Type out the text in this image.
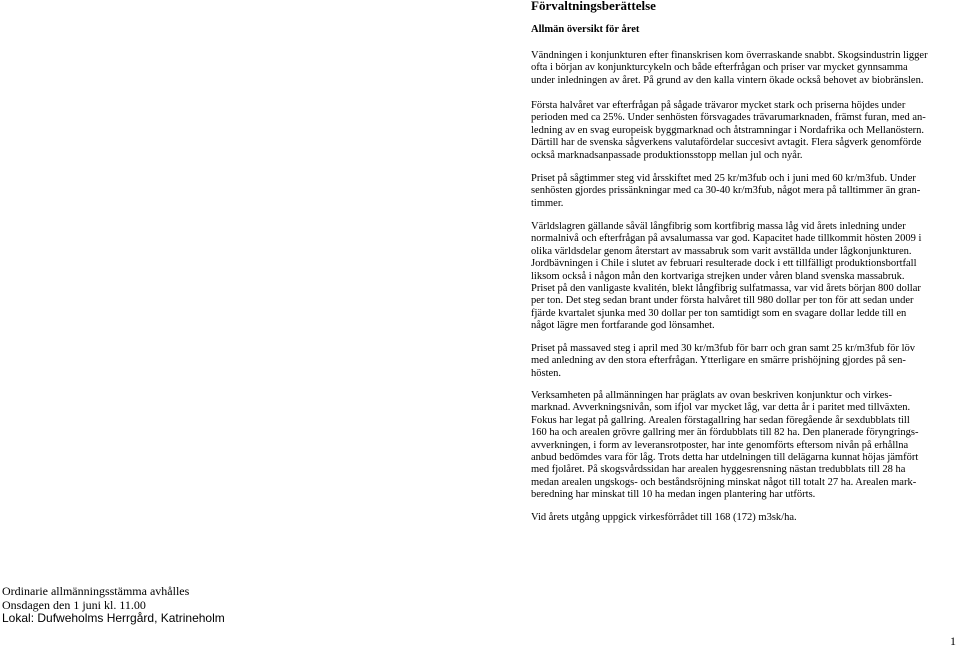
Förvaltningsberättelse
Allmän översikt för året
Vändningen i konjunkturen efter finanskrisen kom överraskande snabbt. Skogsindustrin ligger
ofta i början av konjunkturcykeln och både efterfrågan och priser var mycket gynnsamma
under inledningen av året. På grund av den kalla vintern ökade också behovet av biobränslen.
Första halvåret var efterfrågan på sågade trävaror mycket stark och priserna höjdes under
perioden med ca 25%. Under senhösten försvagades trävarumarknaden, främst furan, med an-
ledning av en svag europeisk byggmarknad och åtstramningar i Nordafrika och Mellanöstern.
Därtill har de svenska sågverkens valutafördelar succesivt avtagit. Flera sågverk genomförde
också marknadsanpassade produktionsstopp mellan jul och nyår.
Priset på sågtimmer steg vid årsskiftet med 25 kr/m3fub och i juni med 60 kr/m3fub. Under
senhösten gjordes prissänkningar med ca 30-40 kr/m3fub, något mera på talltimmer än gran-
timmer.
Världslagren gällande såväl långfibrig som kortfibrig massa låg vid årets inledning under
normalnivå och efterfrågan på avsalumassa var god. Kapacitet hade tillkommit hösten 2009 i
olika världsdelar genom återstart av massabruk som varit avställda under lågkonjunkturen.
Jordbävningen i Chile i slutet av februari resulterade dock i ett tillfälligt produktionsbortfall
liksom också i någon mån den kortvariga strejken under våren bland svenska massabruk.
Priset på den vanligaste kvalitén, blekt långfibrig sulfatmassa, var vid årets början 800 dollar
per ton. Det steg sedan brant under första halvåret till 980 dollar per ton för att sedan under
fjärde kvartalet sjunka med 30 dollar per ton samtidigt som en svagare dollar ledde till en
något lägre men fortfarande god lönsamhet.
Priset på massaved steg i april med 30 kr/m3fub för barr och gran samt 25 kr/m3fub för löv
med anledning av den stora efterfrågan. Ytterligare en smärre prishöjning gjordes på sen-
hösten.
Verksamheten på allmänningen har präglats av ovan beskriven konjunktur och virkes-
marknad. Avverkningsnivån, som ifjol var mycket låg, var detta år i paritet med tillväxten.
Fokus har legat på gallring. Arealen förstagallring har sedan föregående år sexdubblats till
160 ha och arealen grövre gallring mer än fördubblats till 82 ha. Den planerade föryngrings-
avverkningen, i form av leveransrotposter, har inte genomförts eftersom nivån på erhållna
anbud bedömdes vara för låg. Trots detta har utdelningen till delägarna kunnat höjas jämfört
med fjolåret. På skogsvårdssidan har arealen hyggesrensning nästan tredubblats till 28 ha
medan arealen ungskogs- och beståndsröjning minskat något till totalt 27 ha. Arealen mark-
beredning har minskat till 10 ha medan ingen plantering har utförts.
Vid årets utgång uppgick virkesförrådet till 168 (172) m3sk/ha.
Ordinarie allmänningsstämma avhålles
Onsdagen den 1 juni kl. 11.00
Lokal: Dufweholms Herrgård, Katrineholm
1
